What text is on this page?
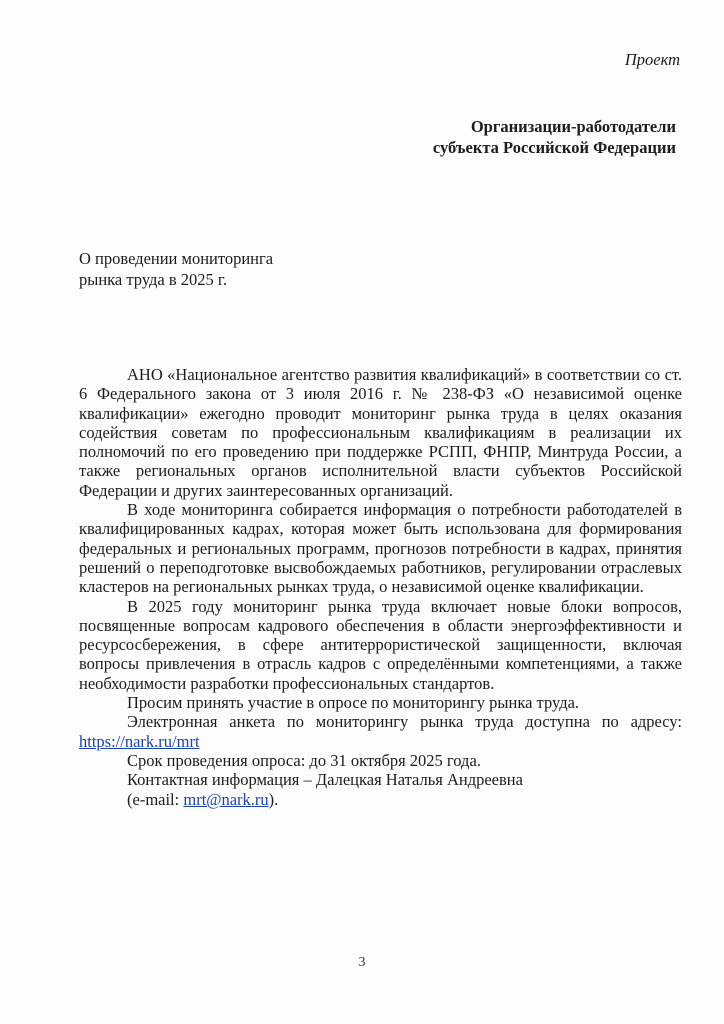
Проект
Организации-работодатели
субъекта Российской Федерации
О проведении мониторинга
рынка труда в 2025 г.

АНО «Национальное агентство развития квалификаций» в соответствии со ст. 6 Федерального закона от 3 июля 2016 г. № 238-ФЗ «О независимой оценке квалификации» ежегодно проводит мониторинг рынка труда в целях оказания содействия советам по профессиональным квалификациям в реализации их полномочий по его проведению при поддержке РСПП, ФНПР, Минтруда России, а также региональных органов исполнительной власти субъектов Российской Федерации и других заинтересованных организаций.

В ходе мониторинга собирается информация о потребности работодателей в квалифицированных кадрах, которая может быть использована для формирования федеральных и региональных программ, прогнозов потребности в кадрах, принятия решений о переподготовке высвобождаемых работников, регулировании отраслевых кластеров на региональных рынках труда, о независимой оценке квалификации.

В 2025 году мониторинг рынка труда включает новые блоки вопросов, посвященные вопросам кадрового обеспечения в области энергоэффективности и ресурсосбережения, в сфере антитеррористической защищенности, включая вопросы привлечения в отрасль кадров с определёнными компетенциями, а также необходимости разработки профессиональных стандартов.

Просим принять участие в опросе по мониторингу рынка труда.

Электронная анкета по мониторингу рынка труда доступна по адресу:

https://nark.ru/mrt

Срок проведения опроса: до 31 октября 2025 года.

Контактная информация – Далецкая Наталья Андреевна

(e-mail: mrt@nark.ru).

3
